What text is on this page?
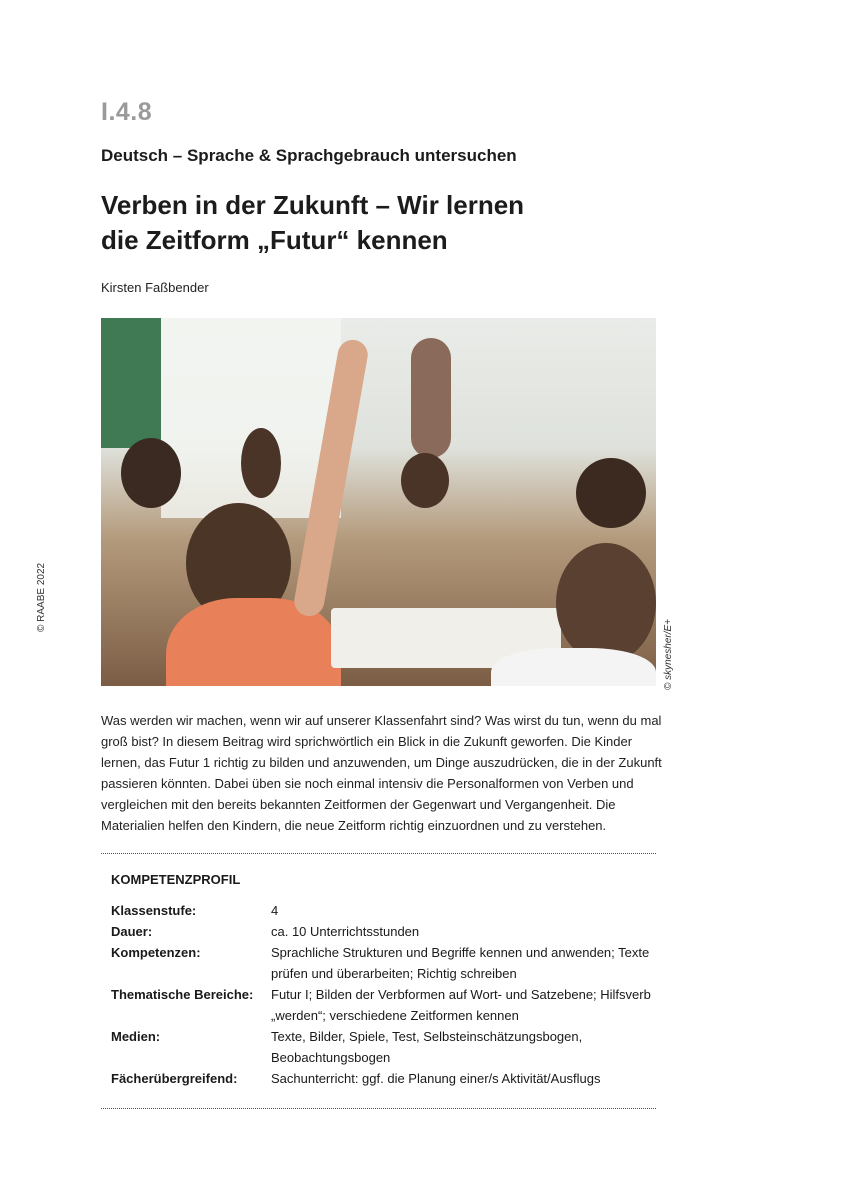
I.4.8
Deutsch – Sprache & Sprachgebrauch untersuchen
Verben in der Zukunft – Wir lernen
die Zeitform „Futur“ kennen
Kirsten Faßbender
© RAABE 2022
© skynesher/E+
Was werden wir machen, wenn wir auf unserer Klassenfahrt sind? Was wirst du tun, wenn du mal groß bist? In diesem Beitrag wird sprichwörtlich ein Blick in die Zukunft geworfen. Die Kinder lernen, das Futur 1 richtig zu bilden und anzuwenden, um Dinge auszudrücken, die in der Zukunft passieren könnten. Dabei üben sie noch einmal intensiv die Personalformen von Verben und vergleichen mit den bereits bekannten Zeitformen der Gegenwart und Vergangenheit. Die Materialien helfen den Kindern, die neue Zeitform richtig einzuordnen und zu verstehen.
KOMPETENZPROFIL
Klassenstufe:	4
Dauer:	ca. 10 Unterrichtsstunden
Kompetenzen:	Sprachliche Strukturen und Begriffe kennen und anwenden; Texte prüfen und überarbeiten; Richtig schreiben
Thematische Bereiche:	Futur I; Bilden der Verbformen auf Wort- und Satzebene; Hilfsverb „werden“; verschiedene Zeitformen kennen
Medien:	Texte, Bilder, Spiele, Test, Selbsteinschätzungsbogen, Beobachtungsbogen
Fächerübergreifend:	Sachunterricht: ggf. die Planung einer/s Aktivität/Ausflugs
